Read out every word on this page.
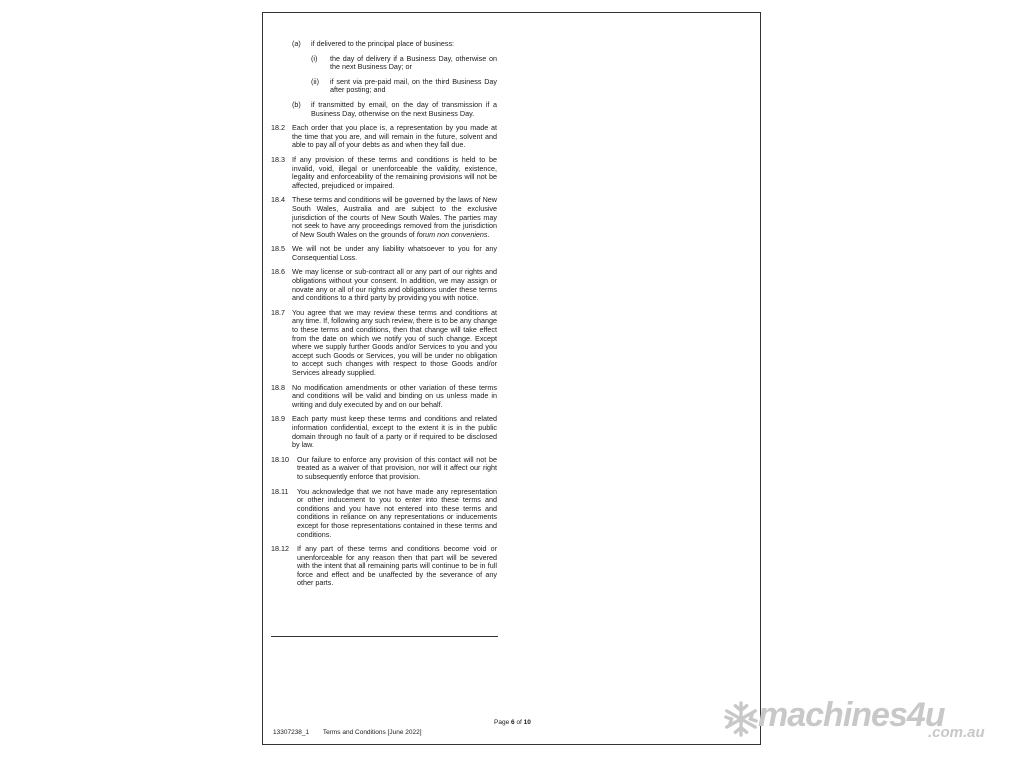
(a)	if delivered to the principal place of business:
(i)	the day of delivery if a Business Day, otherwise on the next Business Day; or
(ii)	if sent via pre-paid mail, on the third Business Day after posting; and
(b)	if transmitted by email, on the day of transmission if a Business Day, otherwise on the next Business Day.
18.2 Each order that you place is, a representation by you made at the time that you are, and will remain in the future, solvent and able to pay all of your debts as and when they fall due.
18.3 If any provision of these terms and conditions is held to be invalid, void, illegal or unenforceable the validity, existence, legality and enforceability of the remaining provisions will not be affected, prejudiced or impaired.
18.4 These terms and conditions will be governed by the laws of New South Wales, Australia and are subject to the exclusive jurisdiction of the courts of New South Wales. The parties may not seek to have any proceedings removed from the jurisdiction of New South Wales on the grounds of forum non conveniens.
18.5 We will not be under any liability whatsoever to you for any Consequential Loss.
18.6 We may license or sub-contract all or any part of our rights and obligations without your consent. In addition, we may assign or novate any or all of our rights and obligations under these terms and conditions to a third party by providing you with notice.
18.7 You agree that we may review these terms and conditions at any time. If, following any such review, there is to be any change to these terms and conditions, then that change will take effect from the date on which we notify you of such change. Except where we supply further Goods and/or Services to you and you accept such Goods or Services, you will be under no obligation to accept such changes with respect to those Goods and/or Services already supplied.
18.8 No modification amendments or other variation of these terms and conditions will be valid and binding on us unless made in writing and duly executed by and on our behalf.
18.9 Each party must keep these terms and conditions and related information confidential, except to the extent it is in the public domain through no fault of a party or if required to be disclosed by law.
18.10	Our failure to enforce any provision of this contact will not be treated as a waiver of that provision, nor will it affect our right to subsequently enforce that provision.
18.11	You acknowledge that we not have made any representation or other inducement to you to enter into these terms and conditions and you have not entered into these terms and conditions in reliance on any representations or inducements except for those representations contained in these terms and conditions.
18.12	If any part of these terms and conditions become void or unenforceable for any reason then that part will be severed with the intent that all remaining parts will continue to be in full force and effect and be unaffected by the severance of any other parts.
Page 6 of 10
13307238_1 Terms and Conditions [June 2022]	machines4u
.com.au
